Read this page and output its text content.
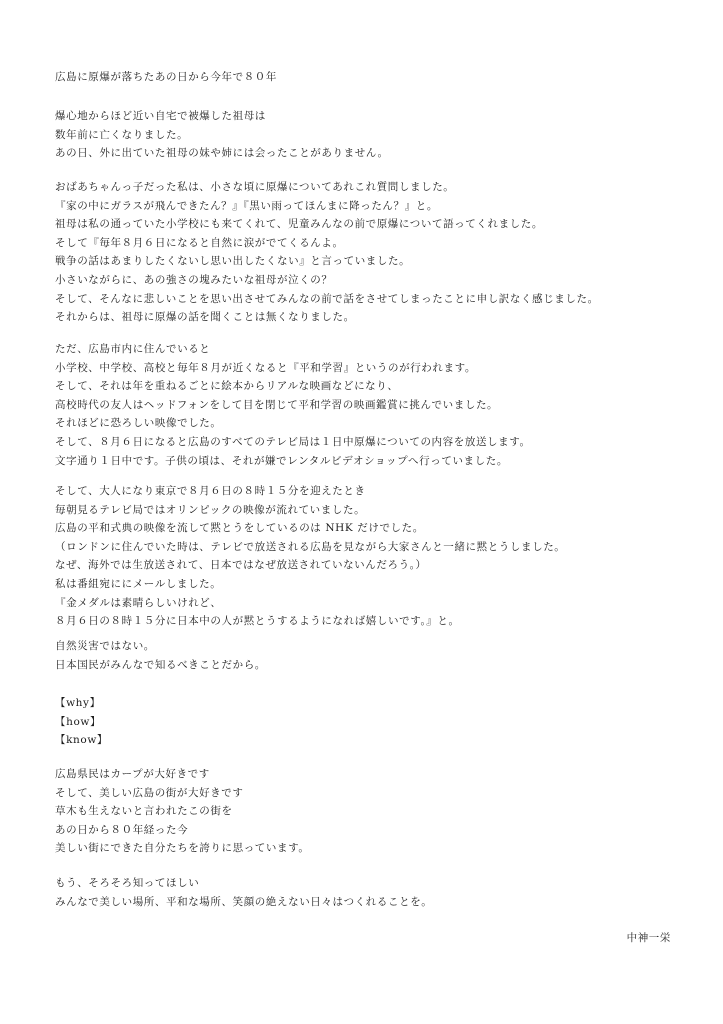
広島に原爆が落ちたあの日から今年で８０年
爆心地からほど近い自宅で被爆した祖母は
数年前に亡くなりました。
あの日、外に出ていた祖母の妹や姉には会ったことがありません。
おばあちゃんっ子だった私は、小さな頃に原爆についてあれこれ質問しました。
『家の中にガラスが飛んできたん？』『黒い雨ってほんまに降ったん？』と。
祖母は私の通っていた小学校にも来てくれて、児童みんなの前で原爆について語ってくれました。
そして『毎年８月６日になると自然に涙がでてくるんよ。
戦争の話はあまりしたくないし思い出したくない』と言っていました。
小さいながらに、あの強さの塊みたいな祖母が泣くの？
そして、そんなに悲しいことを思い出させてみんなの前で話をさせてしまったことに申し訳なく感じました。
それからは、祖母に原爆の話を聞くことは無くなりました。
ただ、広島市内に住んでいると
小学校、中学校、高校と毎年８月が近くなると『平和学習』というのが行われます。
そして、それは年を重ねるごとに絵本からリアルな映画などになり、
高校時代の友人はヘッドフォンをして目を閉じて平和学習の映画鑑賞に挑んでいました。
それほどに恐ろしい映像でした。
そして、８月６日になると広島のすべてのテレビ局は１日中原爆についての内容を放送します。
文字通り１日中です。子供の頃は、それが嫌でレンタルビデオショップへ行っていました。
そして、大人になり東京で８月６日の８時１５分を迎えたとき
毎朝見るテレビ局ではオリンピックの映像が流れていました。
広島の平和式典の映像を流して黙とうをしているのは NHK だけでした。
（ロンドンに住んでいた時は、テレビで放送される広島を見ながら大家さんと一緒に黙とうしました。
なぜ、海外では生放送されて、日本ではなぜ放送されていないんだろう。）
私は番組宛ににメールしました。
『金メダルは素晴らしいけれど、
８月６日の８時１５分に日本中の人が黙とうするようになれば嬉しいです。』と。
自然災害ではない。
日本国民がみんなで知るべきことだから。
【why】
【how】
【know】
広島県民はカープが大好きです
そして、美しい広島の街が大好きです
草木も生えないと言われたこの街を
あの日から８０年経った今
美しい街にできた自分たちを誇りに思っています。
もう、そろそろ知ってほしい
みんなで美しい場所、平和な場所、笑顔の絶えない日々はつくれることを。
中神一栄
